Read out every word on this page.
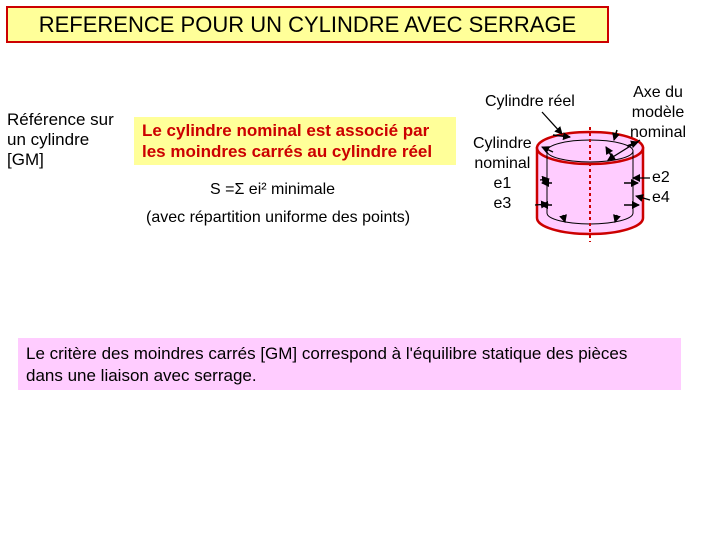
REFERENCE POUR UN CYLINDRE AVEC SERRAGE
Référence sur
un cylindre
[GM]
Le cylindre nominal est associé par
les moindres carrés au cylindre réel
S =Σ ei² minimale
(avec répartition uniforme des points)
Cylindre réel
Cylindre
nominal
e1
e3
Axe du
modèle
nominal
e2
e4
Le critère des moindres carrés [GM] correspond à l'équilibre statique des pièces
dans une liaison avec serrage.
